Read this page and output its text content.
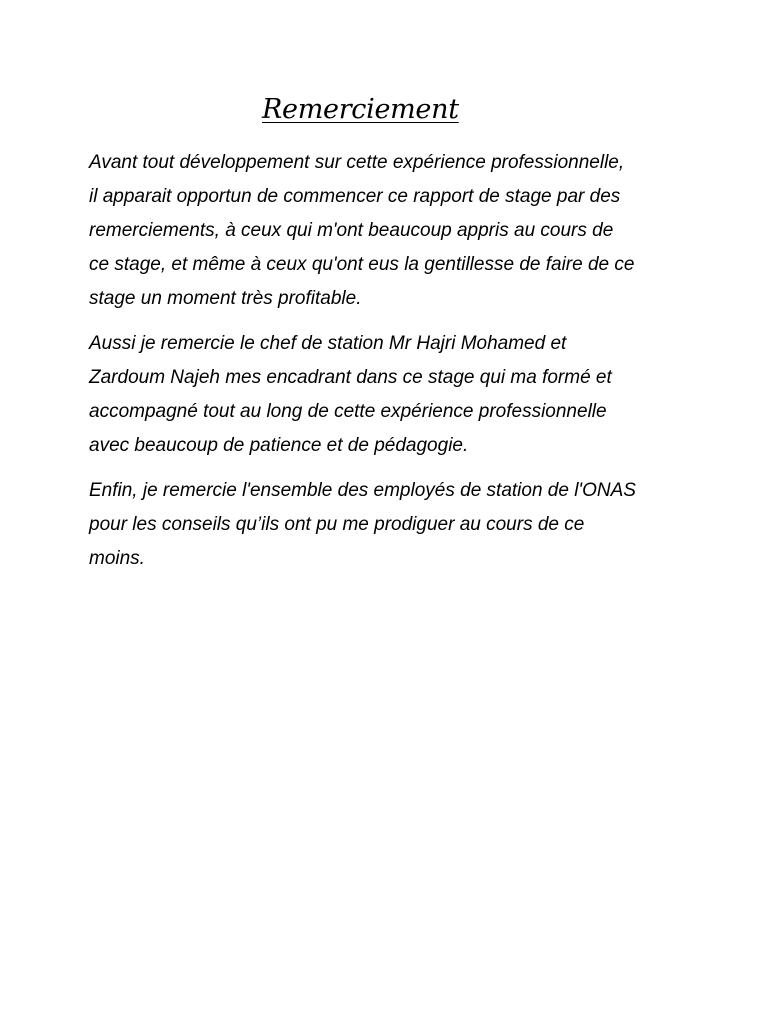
Remerciement

Avant tout développement sur cette expérience professionnelle,
il apparait opportun de commencer ce rapport de stage par des
remerciements, à ceux qui m'ont beaucoup appris au cours de
ce stage, et même à ceux qu'ont eus la gentillesse de faire de ce
stage un moment très profitable.

Aussi je remercie le chef de station Mr Hajri Mohamed et
Zardoum Najeh mes encadrant dans ce stage qui ma formé et
accompagné tout au long de cette expérience professionnelle
avec beaucoup de patience et de pédagogie.

Enfin, je remercie l'ensemble des employés de station de l'ONAS
pour les conseils qu’ils ont pu me prodiguer au cours de ce
moins.
